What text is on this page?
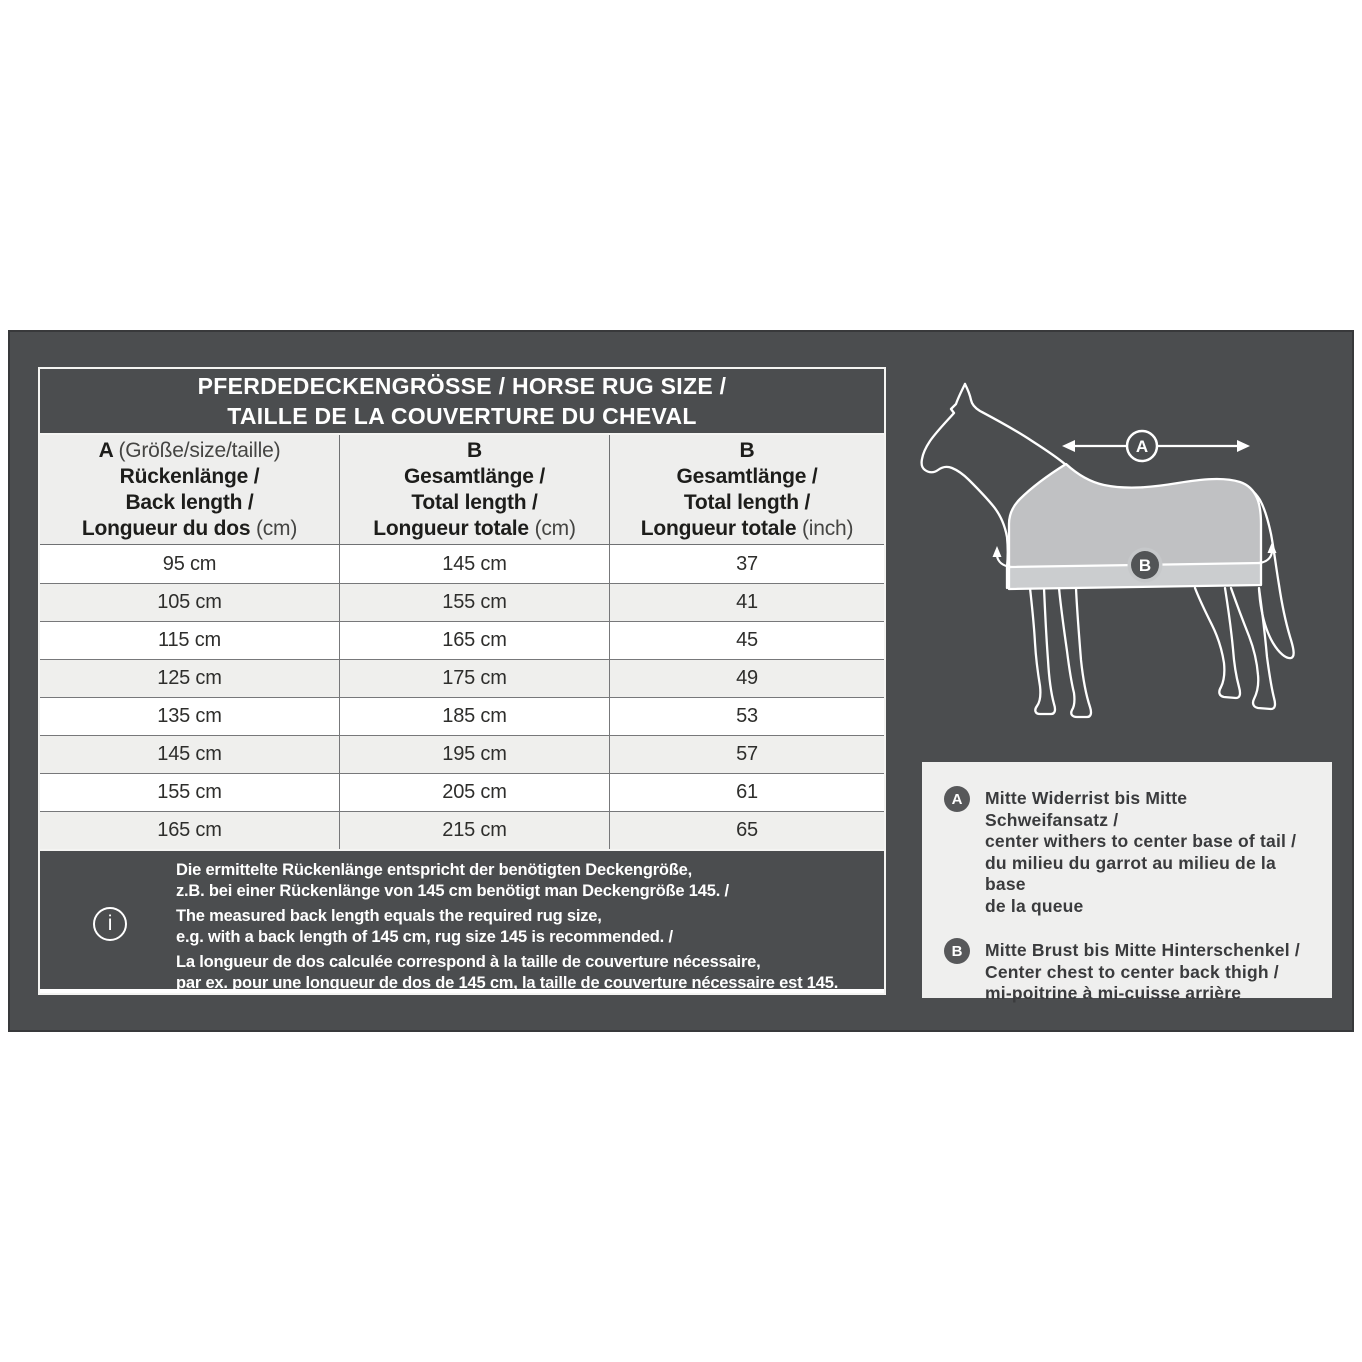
PFERDEDECKENGRÖSSE / HORSE RUG SIZE /
TAILLE DE LA COUVERTURE DU CHEVAL
A (Größe/size/taille)
Rückenlänge /
Back length /
Longueur du dos (cm)
B
Gesamtlänge /
Total length /
Longueur totale (cm)
B
Gesamtlänge /
Total length /
Longueur totale (inch)
95 cm	145 cm	37
105 cm	155 cm	41
115 cm	165 cm	45
125 cm	175 cm	49
135 cm	185 cm	53
145 cm	195 cm	57
155 cm	205 cm	61
165 cm	215 cm	65
i

Die ermittelte Rückenlänge entspricht der benötigten Deckengröße,
z.B. bei einer Rückenlänge von 145 cm benötigt man Deckengröße 145. /

The measured back length equals the required rug size,
e.g. with a back length of 145 cm, rug size 145 is recommended. /

La longueur de dos calculée correspond à la taille de couverture nécessaire,
par ex. pour une longueur de dos de 145 cm, la taille de couverture nécessaire est 145.

A
B
A	Mitte Widerrist bis Mitte Schweifansatz /
center withers to center base of tail /
du milieu du garrot au milieu de la base
de la queue
B	Mitte Brust bis Mitte Hinterschenkel /
Center chest to center back thigh /
mi-poitrine à mi-cuisse arrière
